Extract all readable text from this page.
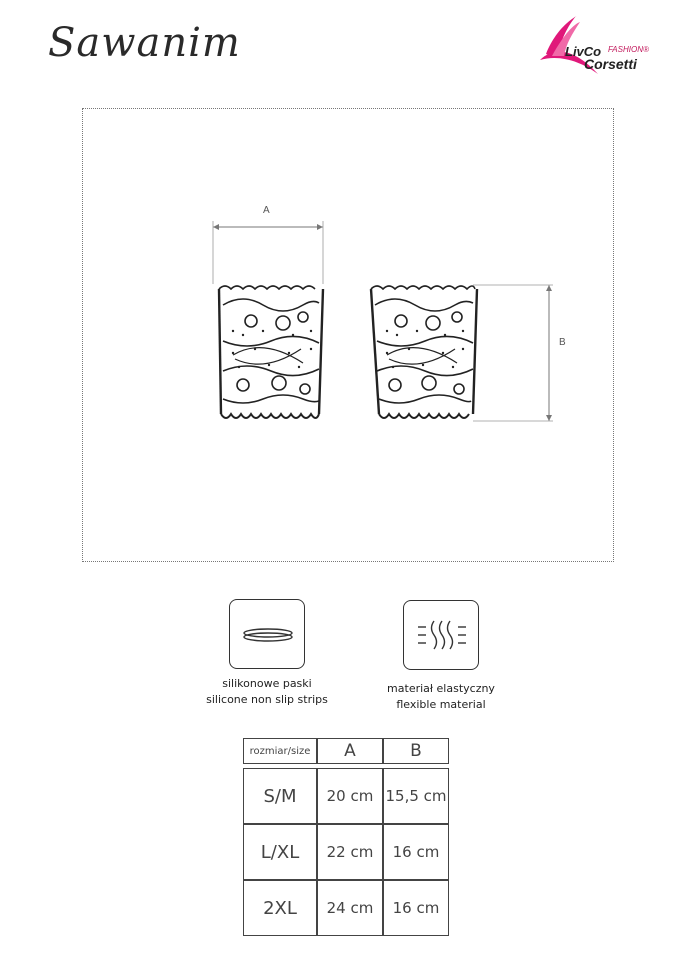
Sawanim	LivCo FASHION®
Corsetti
A
B
silikonowe paski
silicone non slip strips
materiał elastyczny
flexible material
rozmiar/size	A	B

S/M	20 cm	15,5 cm
L/XL	22 cm	16 cm
2XL	24 cm	16 cm
